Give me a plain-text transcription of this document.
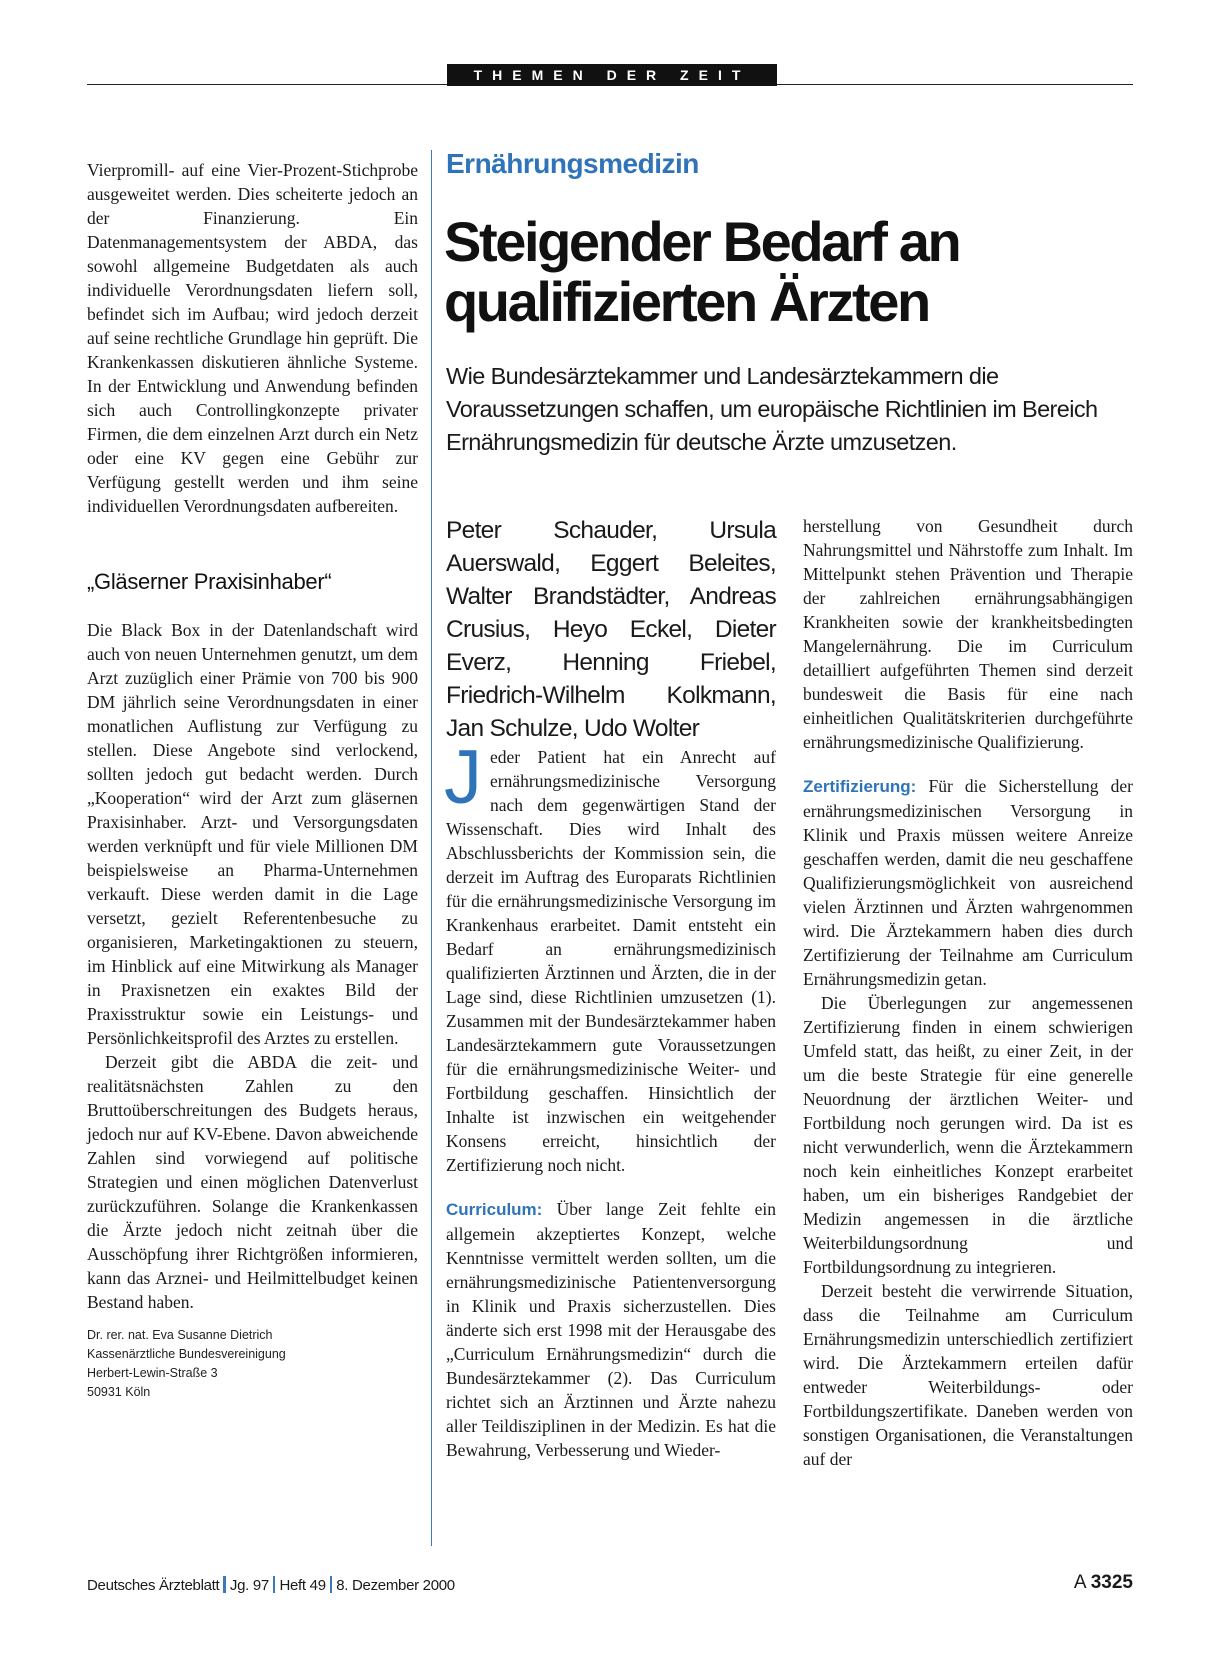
THEMEN DER ZEIT

Vierpromill- auf eine Vier-Prozent-Stichprobe ausgeweitet werden. Dies scheiterte jedoch an der Finanzierung. Ein Datenmanagementsystem der ABDA, das sowohl allgemeine Budgetdaten als auch individuelle Verordnungsdaten liefern soll, befindet sich im Aufbau; wird jedoch derzeit auf seine rechtliche Grundlage hin geprüft. Die Krankenkassen diskutieren ähnliche Systeme. In der Entwicklung und Anwendung befinden sich auch Controllingkonzepte privater Firmen, die dem einzelnen Arzt durch ein Netz oder eine KV gegen eine Gebühr zur Verfügung gestellt werden und ihm seine individuellen Verordnungsdaten aufbereiten.

„Gläserner Praxisinhaber“

Die Black Box in der Datenlandschaft wird auch von neuen Unternehmen genutzt, um dem Arzt zuzüglich einer Prämie von 700 bis 900 DM jährlich seine Verordnungsdaten in einer monatlichen Auflistung zur Verfügung zu stellen. Diese Angebote sind verlockend, sollten jedoch gut bedacht werden. Durch „Kooperation“ wird der Arzt zum gläsernen Praxisinhaber. Arzt- und Versorgungsdaten werden verknüpft und für viele Millionen DM beispielsweise an Pharma-Unternehmen verkauft. Diese werden damit in die Lage versetzt, gezielt Referentenbesuche zu organisieren, Marketingaktionen zu steuern, im Hinblick auf eine Mitwirkung als Manager in Praxisnetzen ein exaktes Bild der Praxisstruktur sowie ein Leistungs- und Persönlichkeitsprofil des Arztes zu erstellen.

Derzeit gibt die ABDA die zeit- und realitätsnächsten Zahlen zu den Bruttoüberschreitungen des Budgets heraus, jedoch nur auf KV-Ebene. Davon abweichende Zahlen sind vorwiegend auf politische Strategien und einen möglichen Datenverlust zurückzuführen. Solange die Krankenkassen die Ärzte jedoch nicht zeitnah über die Ausschöpfung ihrer Richtgrößen informieren, kann das Arznei- und Heilmittelbudget keinen Bestand haben.

Dr. rer. nat. Eva Susanne Dietrich
Kassenärztliche Bundesvereinigung
Herbert-Lewin-Straße 3
50931 Köln
Ernährungsmedizin
Steigender Bedarf an
qualifizierten Ärzten

Wie Bundesärztekammer und Landesärztekammern die Voraussetzungen schaffen, um europäische Richtlinien im Bereich Ernährungsmedizin für deutsche Ärzte umzusetzen.

Peter Schauder, Ursula Auerswald, Eggert Beleites, Walter Brandstädter, Andreas Crusius, Heyo Eckel, Dieter Everz, Henning Friebel, Friedrich-Wilhelm Kolkmann, Jan Schulze, Udo Wolter

J eder Patient hat ein Anrecht auf ernährungsmedizinische Versorgung nach dem gegenwärtigen Stand der Wissenschaft. Dies wird Inhalt des Abschlussberichts der Kommission sein, die derzeit im Auftrag des Europarats Richtlinien für die ernährungsmedizinische Versorgung im Krankenhaus erarbeitet. Damit entsteht ein Bedarf an ernährungsmedizinisch qualifizierten Ärztinnen und Ärzten, die in der Lage sind, diese Richtlinien umzusetzen (1). Zusammen mit der Bundesärztekammer haben Landesärztekammern gute Voraussetzungen für die ernährungsmedizinische Weiter- und Fortbildung geschaffen. Hinsichtlich der Inhalte ist inzwischen ein weitgehender Konsens erreicht, hinsichtlich der Zertifizierung noch nicht.

Curriculum: Über lange Zeit fehlte ein allgemein akzeptiertes Konzept, welche Kenntnisse vermittelt werden sollten, um die ernährungsmedizinische Patientenversorgung in Klinik und Praxis sicherzustellen. Dies änderte sich erst 1998 mit der Herausgabe des „Curriculum Ernährungsmedizin“ durch die Bundesärztekammer (2). Das Curriculum richtet sich an Ärztinnen und Ärzte nahezu aller Teildisziplinen in der Medizin. Es hat die Bewahrung, Verbesserung und Wieder-

herstellung von Gesundheit durch Nahrungsmittel und Nährstoffe zum Inhalt. Im Mittelpunkt stehen Prävention und Therapie der zahlreichen ernährungsabhängigen Krankheiten sowie der krankheitsbedingten Mangelernährung. Die im Curriculum detailliert aufgeführten Themen sind derzeit bundesweit die Basis für eine nach einheitlichen Qualitätskriterien durchgeführte ernährungsmedizinische Qualifizierung.

Zertifizierung: Für die Sicherstellung der ernährungsmedizinischen Versorgung in Klinik und Praxis müssen weitere Anreize geschaffen werden, damit die neu geschaffene Qualifizierungsmöglichkeit von ausreichend vielen Ärztinnen und Ärzten wahrgenommen wird. Die Ärztekammern haben dies durch Zertifizierung der Teilnahme am Curriculum Ernährungsmedizin getan.

Die Überlegungen zur angemessenen Zertifizierung finden in einem schwierigen Umfeld statt, das heißt, zu einer Zeit, in der um die beste Strategie für eine generelle Neuordnung der ärztlichen Weiter- und Fortbildung noch gerungen wird. Da ist es nicht verwunderlich, wenn die Ärztekammern noch kein einheitliches Konzept erarbeitet haben, um ein bisheriges Randgebiet der Medizin angemessen in die ärztliche Weiterbildungsordnung und Fortbildungsordnung zu integrieren.

Derzeit besteht die verwirrende Situation, dass die Teilnahme am Curriculum Ernährungsmedizin unterschiedlich zertifiziert wird. Die Ärztekammern erteilen dafür entweder Weiterbildungs- oder Fortbildungszertifikate. Daneben werden von sonstigen Organisationen, die Veranstaltungen auf der

Deutsches Ärzteblatt Jg. 97 Heft 49 8. Dezember 2000	A 3325
